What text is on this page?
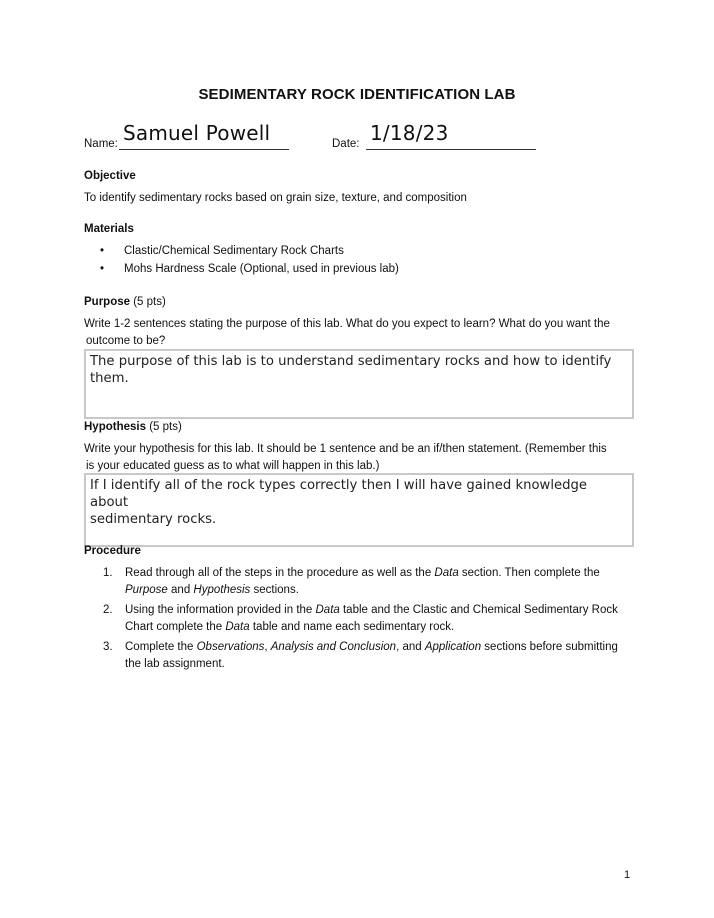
SEDIMENTARY ROCK IDENTIFICATION LAB
Name: Samuel Powell	Date: 1/18/23
Objective
To identify sedimentary rocks based on grain size, texture, and composition
Materials
• Clastic/Chemical Sedimentary Rock Charts
• Mohs Hardness Scale (Optional, used in previous lab)
Purpose (5 pts)
Write 1-2 sentences stating the purpose of this lab. What do you expect to learn? What do you want the
outcome to be?
The purpose of this lab is to understand sedimentary rocks and how to identify them.
Hypothesis (5 pts)
Write your hypothesis for this lab. It should be 1 sentence and be an if/then statement. (Remember this
is your educated guess as to what will happen in this lab.)
If I identify all of the rock types correctly then I will have gained knowledge about
sedimentary rocks.
Procedure
1. Read through all of the steps in the procedure as well as the Data section. Then complete the
Purpose and Hypothesis sections.
2. Using the information provided in the Data table and the Clastic and Chemical Sedimentary Rock
Chart complete the Data table and name each sedimentary rock.
3. Complete the Observations, Analysis and Conclusion, and Application sections before submitting
the lab assignment.
1
